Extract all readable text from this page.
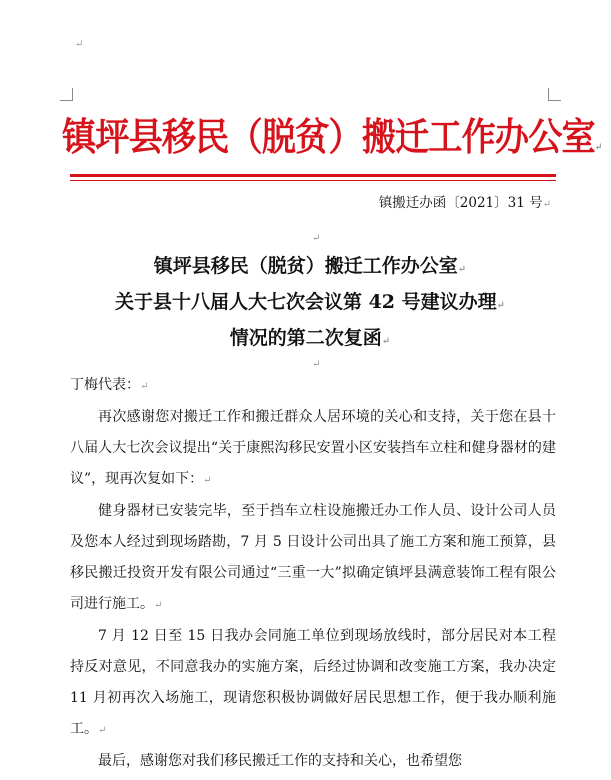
↵
镇坪县移民（脱贫）搬迁工作办公室↵
镇搬迁办函〔2021〕31 号↵
↵
镇坪县移民（脱贫）搬迁工作办公室↵
关于县十八届人大七次会议第 42 号建议办理↵
情况的第二次复函↵
↵

丁梅代表：↵

再次感谢您对搬迁工作和搬迁群众人居环境的关心和支持，关于您在县十八届人大七次会议提出“关于康熙沟移民安置小区安装挡车立柱和健身器材的建议”，现再次复如下：↵

健身器材已安装完毕，至于挡车立柱设施搬迁办工作人员、设计公司人员及您本人经过到现场踏勘，7 月 5 日设计公司出具了施工方案和施工预算，县移民搬迁投资开发有限公司通过“三重一大”拟确定镇坪县满意装饰工程有限公司进行施工。↵

7 月 12 日至 15 日我办会同施工单位到现场放线时，部分居民对本工程持反对意见，不同意我办的实施方案，后经过协调和改变施工方案，我办决定 11 月初再次入场施工，现请您积极协调做好居民思想工作，便于我办顺利施工。↵

最后，感谢您对我们移民搬迁工作的支持和关心，也希望您
